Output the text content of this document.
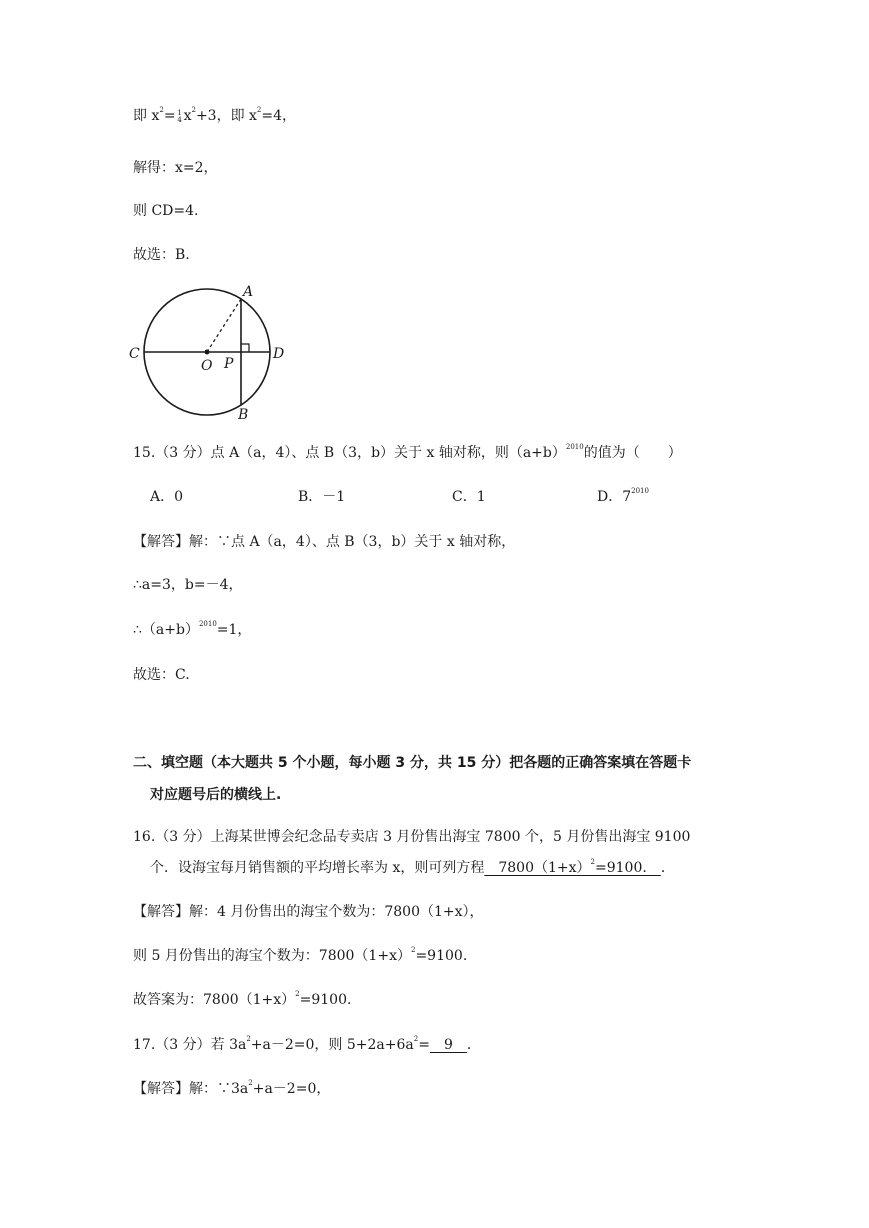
即 $x^2= 1$
4 $x^2+3$，即 $x^2=4$，
解得：x=2，
则 CD=4.
故选：B.
A
B
C	D
O P
15.（3 分）点 A（a，4）、点 B（3，b）关于 x 轴对称，则$(a+b)^{2010}$的值为（　　）
A．0	B．－1	C．1	D．$7^{2010}$
【解答】解：∵点 A（a，4）、点 B（3，b）关于 x 轴对称，
∴a=3，b=－4，
$\therefore(a+b)^{2010}=1$，
故选：C.
二、填空题（本大题共 5 个小题，每小题 3 分，共 15 分）把各题的正确答案填在答题卡
对应题号后的横线上.
16.（3 分）上海某世博会纪念品专卖店 3 月份售出海宝 7800 个，5 月份售出海宝 9100
个．设海宝每月销售额的平均增长率为 x，则可列方程　$7800(1+x)^2=9100$.　．
【解答】解：4 月份售出的海宝个数为：7800（1+x），
则 5 月份售出的海宝个数为：$7800(1+x)^2=9100$.
故答案为：$7800(1+x)^2=9100$.
17.（3 分）若 $3a^2+a-2=0$，则 $5+2a+6a^2=$　9　．
【解答】解：$\because 3a^2+a-2=0$，
